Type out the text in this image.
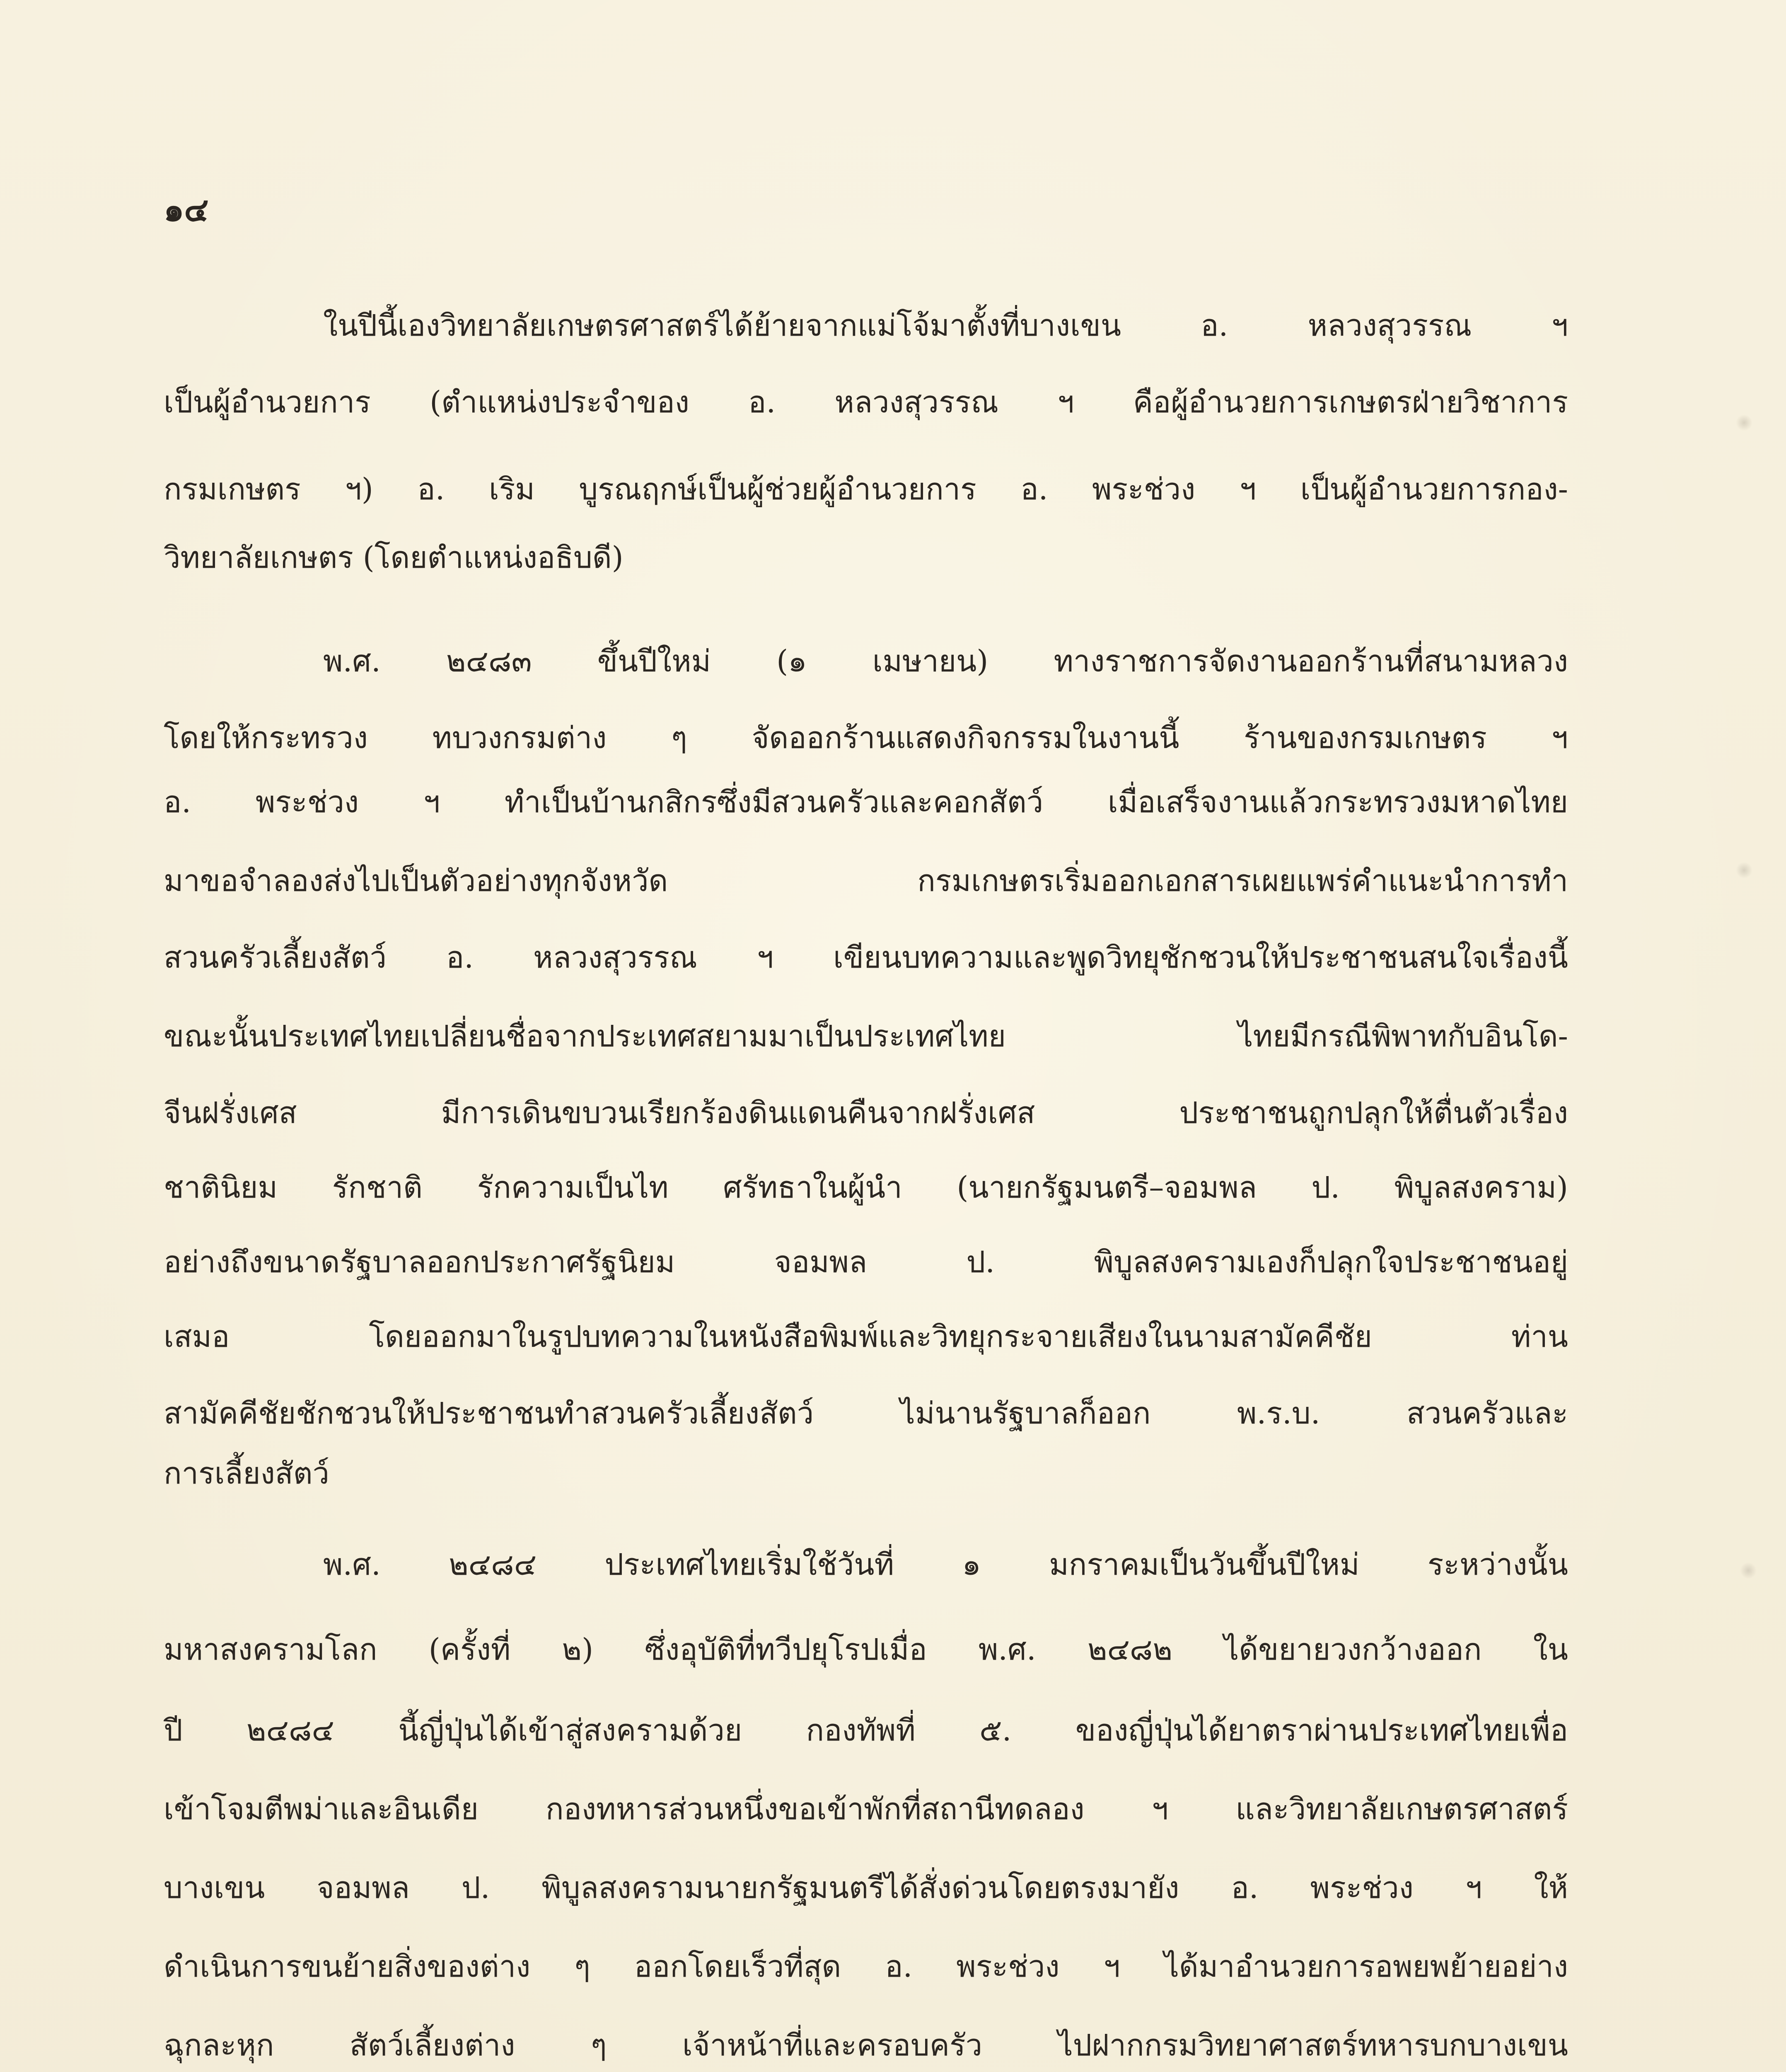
๑๔
ในปีนี้เองวิทยาลัยเกษตรศาสตร์ได้ย้ายจากแม่โจ้มาตั้งที่บางเขน อ. หลวงสุวรรณ ฯ
เป็นผู้อำนวยการ (ตำแหน่งประจำของ อ. หลวงสุวรรณ ฯ คือผู้อำนวยการเกษตรฝ่ายวิชาการ
กรมเกษตร ฯ) อ. เริม บูรณฤกษ์เป็นผู้ช่วยผู้อำนวยการ อ. พระช่วง ฯ เป็นผู้อำนวยการกอง-
วิทยาลัยเกษตร (โดยตำแหน่งอธิบดี)
พ.ศ. ๒๔๘๓ ขึ้นปีใหม่ (๑ เมษายน) ทางราชการจัดงานออกร้านที่สนามหลวง
โดยให้กระทรวง ทบวงกรมต่าง ๆ จัดออกร้านแสดงกิจกรรมในงานนี้ ร้านของกรมเกษตร ฯ
อ. พระช่วง ฯ ทำเป็นบ้านกสิกรซึ่งมีสวนครัวและคอกสัตว์ เมื่อเสร็จงานแล้วกระทรวงมหาดไทย
มาขอจำลองส่งไปเป็นตัวอย่างทุกจังหวัด กรมเกษตรเริ่มออกเอกสารเผยแพร่คำแนะนำการทำ
สวนครัวเลี้ยงสัตว์ อ. หลวงสุวรรณ ฯ เขียนบทความและพูดวิทยุชักชวนให้ประชาชนสนใจเรื่องนี้
ขณะนั้นประเทศไทยเปลี่ยนชื่อจากประเทศสยามมาเป็นประเทศไทย ไทยมีกรณีพิพาทกับอินโด-
จีนฝรั่งเศส มีการเดินขบวนเรียกร้องดินแดนคืนจากฝรั่งเศส ประชาชนถูกปลุกให้ตื่นตัวเรื่อง
ชาตินิยม รักชาติ รักความเป็นไท ศรัทธาในผู้นำ (นายกรัฐมนตรี–จอมพล ป. พิบูลสงคราม)
อย่างถึงขนาดรัฐบาลออกประกาศรัฐนิยม จอมพล ป. พิบูลสงครามเองก็ปลุกใจประชาชนอยู่
เสมอ โดยออกมาในรูปบทความในหนังสือพิมพ์และวิทยุกระจายเสียงในนามสามัคคีชัย ท่าน
สามัคคีชัยชักชวนให้ประชาชนทำสวนครัวเลี้ยงสัตว์ ไม่นานรัฐบาลก็ออก พ.ร.บ. สวนครัวและ
การเลี้ยงสัตว์
พ.ศ. ๒๔๘๔ ประเทศไทยเริ่มใช้วันที่ ๑ มกราคมเป็นวันขึ้นปีใหม่ ระหว่างนั้น
มหาสงครามโลก (ครั้งที่ ๒) ซึ่งอุบัติที่ทวีปยุโรปเมื่อ พ.ศ. ๒๔๘๒ ได้ขยายวงกว้างออก ใน
ปี ๒๔๘๔ นี้ญี่ปุ่นได้เข้าสู่สงครามด้วย กองทัพที่ ๕. ของญี่ปุ่นได้ยาตราผ่านประเทศไทยเพื่อ
เข้าโจมตีพม่าและอินเดีย กองทหารส่วนหนึ่งขอเข้าพักที่สถานีทดลอง ฯ และวิทยาลัยเกษตรศาสตร์
บางเขน จอมพล ป. พิบูลสงครามนายกรัฐมนตรีได้สั่งด่วนโดยตรงมายัง อ. พระช่วง ฯ ให้
ดำเนินการขนย้ายสิ่งของต่าง ๆ ออกโดยเร็วที่สุด อ. พระช่วง ฯ ได้มาอำนวยการอพยพย้ายอย่าง
ฉุกละหุก สัตว์เลี้ยงต่าง ๆ เจ้าหน้าที่และครอบครัว ไปฝากกรมวิทยาศาสตร์ทหารบกบางเขน
